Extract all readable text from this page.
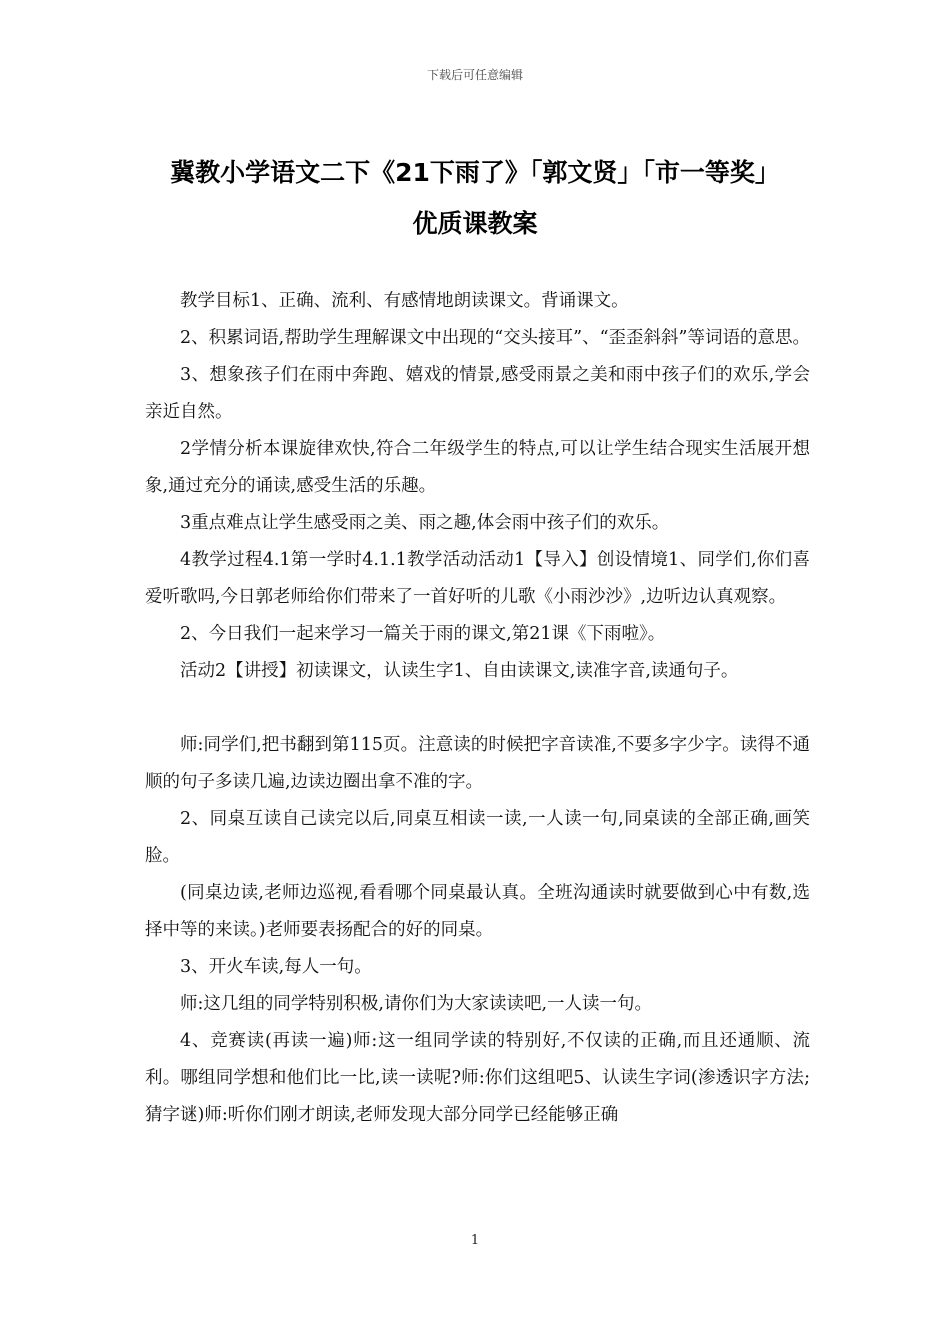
下载后可任意编辑
冀教小学语文二下《21下雨了》「郭文贤」「市一等奖」
优质课教案

教学目标1、正确、流利、有感情地朗读课文。背诵课文。

2、积累词语,帮助学生理解课文中出现的“交头接耳”、“歪歪斜斜”等词语的意思。

3、想象孩子们在雨中奔跑、嬉戏的情景,感受雨景之美和雨中孩子们的欢乐,学会亲近自然。

2学情分析本课旋律欢快,符合二年级学生的特点,可以让学生结合现实生活展开想象,通过充分的诵读,感受生活的乐趣。

3重点难点让学生感受雨之美、雨之趣,体会雨中孩子们的欢乐。

4教学过程4.1第一学时4.1.1教学活动活动1【导入】创设情境1、同学们,你们喜爱听歌吗,今日郭老师给你们带来了一首好听的儿歌《小雨沙沙》,边听边认真观察。

2、今日我们一起来学习一篇关于雨的课文,第21课《下雨啦》。

活动2【讲授】初读课文，认读生字1、自由读课文,读准字音,读通句子。

师:同学们,把书翻到第115页。注意读的时候把字音读准,不要多字少字。读得不通顺的句子多读几遍,边读边圈出拿不准的字。

2、同桌互读自己读完以后,同桌互相读一读,一人读一句,同桌读的全部正确,画笑脸。

(同桌边读,老师边巡视,看看哪个同桌最认真。全班沟通读时就要做到心中有数,选择中等的来读。)老师要表扬配合的好的同桌。

3、开火车读,每人一句。

师:这几组的同学特别积极,请你们为大家读读吧,一人读一句。

4、竞赛读(再读一遍)师:这一组同学读的特别好,不仅读的正确,而且还通顺、流利。哪组同学想和他们比一比,读一读呢?师:你们这组吧5、认读生字词(渗透识字方法;猜字谜)师:听你们刚才朗读,老师发现大部分同学已经能够正确

1
